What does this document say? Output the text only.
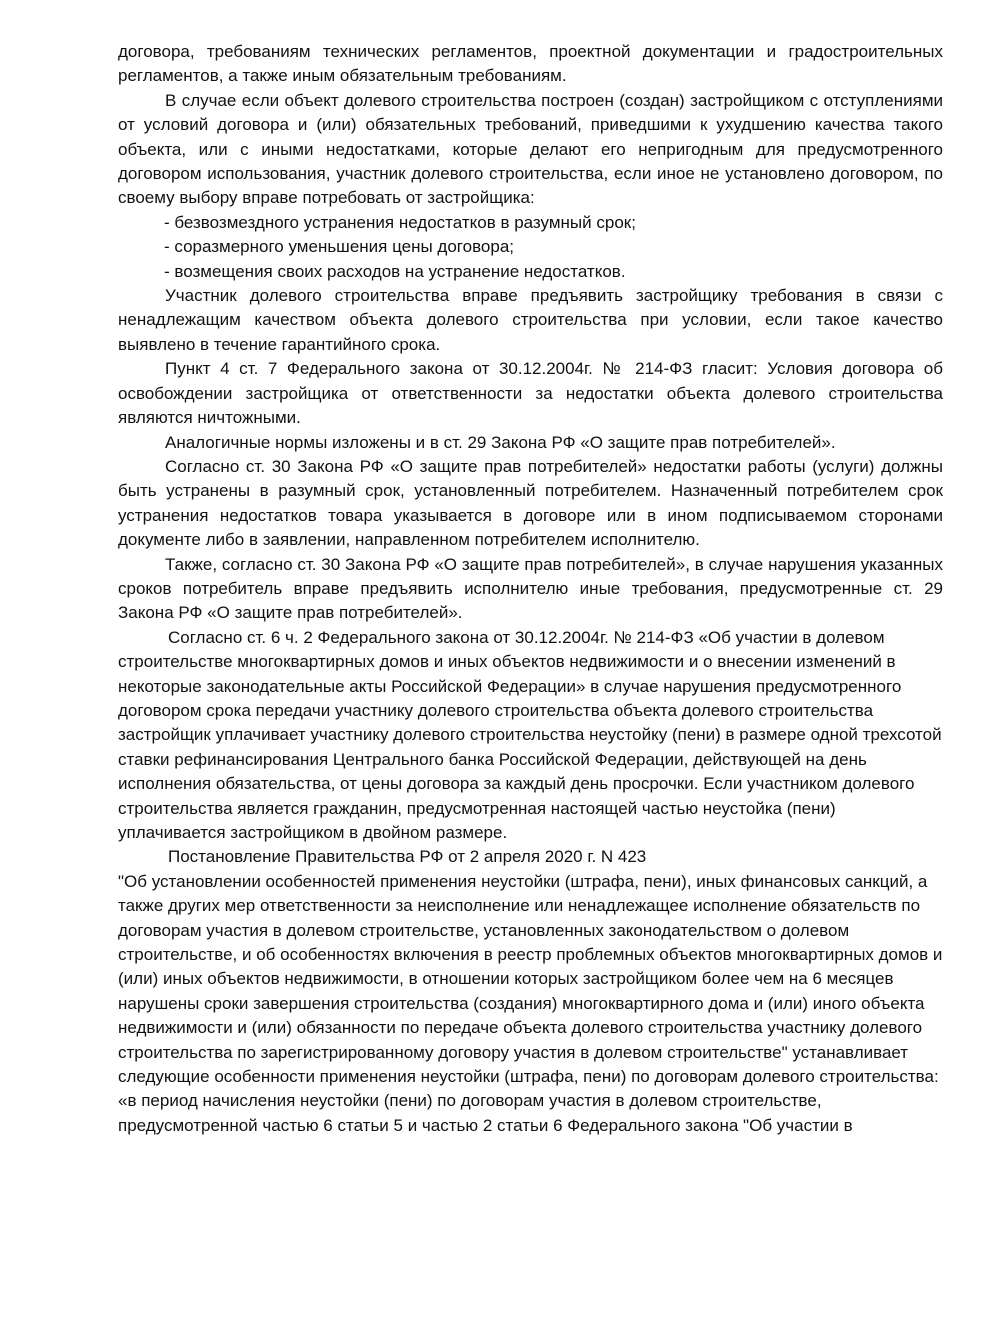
договора, требованиям технических регламентов, проектной документации и градостроительных регламентов, а также иным обязательным требованиям.

В случае если объект долевого строительства построен (создан) застройщиком с отступлениями от условий договора и (или) обязательных требований, приведшими к ухудшению качества такого объекта, или с иными недостатками, которые делают его непригодным для предусмотренного договором использования, участник долевого строительства, если иное не установлено договором, по своему выбору вправе потребовать от застройщика:

- безвозмездного устранения недостатков в разумный срок;

- соразмерного уменьшения цены договора;

- возмещения своих расходов на устранение недостатков.

Участник долевого строительства вправе предъявить застройщику требования в связи с ненадлежащим качеством объекта долевого строительства при условии, если такое качество выявлено в течение гарантийного срока.

Пункт 4 ст. 7 Федерального закона от 30.12.2004г. № 214-ФЗ гласит: Условия договора об освобождении застройщика от ответственности за недостатки объекта долевого строительства являются ничтожными.

Аналогичные нормы изложены и в ст. 29 Закона РФ «О защите прав потребителей».

Согласно ст. 30 Закона РФ «О защите прав потребителей» недостатки работы (услуги) должны быть устранены в разумный срок, установленный потребителем. Назначенный потребителем срок устранения недостатков товара указывается в договоре или в ином подписываемом сторонами документе либо в заявлении, направленном потребителем исполнителю.

Также, согласно ст. 30 Закона РФ «О защите прав потребителей», в случае нарушения указанных сроков потребитель вправе предъявить исполнителю иные требования, предусмотренные ст. 29 Закона РФ «О защите прав потребителей».

Согласно ст. 6 ч. 2 Федерального закона от 30.12.2004г. № 214-ФЗ «Об участии в долевом строительстве многоквартирных домов и иных объектов недвижимости и о внесении изменений в некоторые законодательные акты Российской Федерации» в случае нарушения предусмотренного договором срока передачи участнику долевого строительства объекта долевого строительства застройщик уплачивает участнику долевого строительства неустойку (пени) в размере одной трехсотой ставки рефинансирования Центрального банка Российской Федерации, действующей на день исполнения обязательства, от цены договора за каждый день просрочки. Если участником долевого строительства является гражданин, предусмотренная настоящей частью неустойка (пени) уплачивается застройщиком в двойном размере.

Постановление Правительства РФ от 2 апреля 2020 г. N 423

"Об установлении особенностей применения неустойки (штрафа, пени), иных финансовых санкций, а также других мер ответственности за неисполнение или ненадлежащее исполнение обязательств по договорам участия в долевом строительстве, установленных законодательством о долевом строительстве, и об особенностях включения в реестр проблемных объектов многоквартирных домов и (или) иных объектов недвижимости, в отношении которых застройщиком более чем на 6 месяцев нарушены сроки завершения строительства (создания) многоквартирного дома и (или) иного объекта недвижимости и (или) обязанности по передаче объекта долевого строительства участнику долевого строительства по зарегистрированному договору участия в долевом строительстве" устанавливает следующие особенности применения неустойки (штрафа, пени) по договорам долевого строительства:

«в период начисления неустойки (пени) по договорам участия в долевом строительстве, предусмотренной частью 6 статьи 5 и частью 2 статьи 6 Федерального закона "Об участии в
